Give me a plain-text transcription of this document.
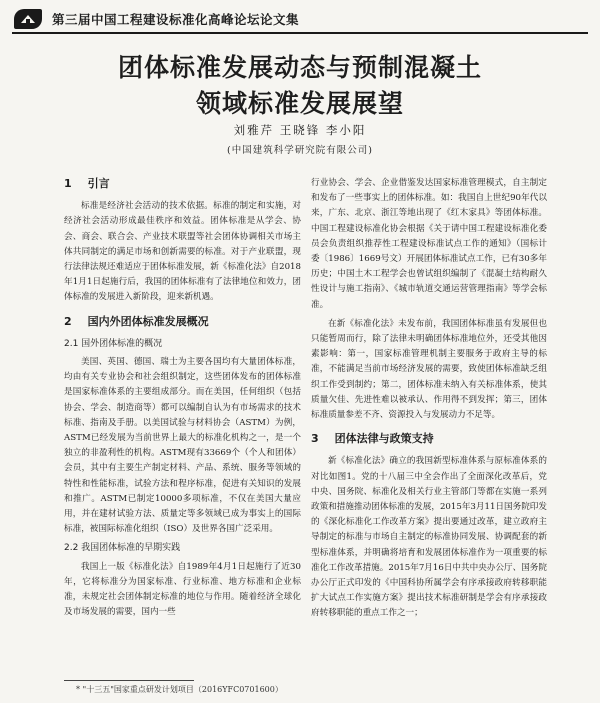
第三届中国工程建设标准化高峰论坛论文集
团体标准发展动态与预制混凝土
领域标准发展展望
刘雅芹 王晓锋 李小阳
(中国建筑科学研究院有限公司)
1 引言

标准是经济社会活动的技术依据。标准的制定和实施，对经济社会活动形成最佳秩序和效益。团体标准是从学会、协会、商会、联合会、产业技术联盟等社会团体协调相关市场主体共同制定的满足市场和创新需要的标准。对于产业联盟，现行法律法规还难适应于团体标准发展，新《标准化法》自2018年1月1日起施行后，我国的团体标准有了法律地位和效力，团体标准的发展进入新阶段，迎来新机遇。

2 国内外团体标准发展概况
2.1 国外团体标准的概况

美国、英国、德国、瑞士为主要各国均有大量团体标准，均由有关专业协会和社会组织制定，这些团体发布的团体标准是国家标准体系的主要组成部分。而在美国，任何组织（包括协会、学会、制造商等）都可以编制自认为有市场需求的技术标准、指南及手册。以美国试验与材料协会（ASTM）为例，ASTM已经发展为当前世界上最大的标准化机构之一，是一个独立的非盈利性的机构。ASTM现有33669个（个人和团体）会员，其中有主要生产制定材料、产品、系统、服务等领域的特性和性能标准，试验方法和程序标准，促进有关知识的发展和推广。ASTM已制定10000多项标准，不仅在美国大量应用，并在建材试验方法、质量定等多领域已成为事实上的国际标准，被国际标准化组织（ISO）及世界各国广泛采用。

2.2 我国团体标准的早期实践

我国上一版《标准化法》自1989年4月1日起施行了近30年，它将标准分为国家标准、行业标准、地方标准和企业标准，未规定社会团体制定标准的地位与作用。随着经济全球化及市场发展的需要，国内一些

行业协会、学会、企业借鉴发达国家标准管理模式，自主制定和发布了一些事实上的团体标准。如：我国自上世纪90年代以来，广东、北京、浙江等地出现了《红木家具》等团体标准。中国工程建设标准化协会根据《关于请中国工程建设标准化委员会负责组织推荐性工程建设标准试点工作的通知》（国标计委〔1986〕1669号文）开展团体标准试点工作，已有30多年历史；中国土木工程学会也曾试组织编制了《混凝土结构耐久性设计与施工指南》、《城市轨道交通运营管理指南》等学会标准。

在新《标准化法》未发布前，我国团体标准虽有发展但也只能暂周而行，除了法律未明确团体标准地位外，还受其他因素影响：第一，国家标准管理机制主要服务于政府主导的标准，不能满足当前市场经济发展的需要，致使团体标准缺乏组织工作受到制约；第二，团体标准未纳入有关标准体系，使其质量欠佳、先进性难以被承认、作用得不到发挥；第三，团体标准质量参差不齐、资源投入与发展动力不足等。

3 团体法律与政策支持

新《标准化法》确立的我国新型标准体系与原标准体系的对比如图1。党的十八届三中全会作出了全面深化改革后，党中央、国务院、标准化及相关行业主管部门等都在实施一系列政策和措施推动团体标准的发展，2015年3月11日国务院印发的《深化标准化工作改革方案》提出要通过改革，建立政府主导制定的标准与市场自主制定的标准协同发展、协调配套的新型标准体系，并明确将培育和发展团体标准作为一项重要的标准化工作改革措施。2015年7月16日中共中央办公厅、国务院办公厅正式印发的《中国科协所属学会有序承接政府转移职能扩大试点工作实施方案》提出技术标准研制是学会有序承接政府转移职能的重点工作之一；

* "十三五"国家重点研发计划项目（2016YFC0701600）
